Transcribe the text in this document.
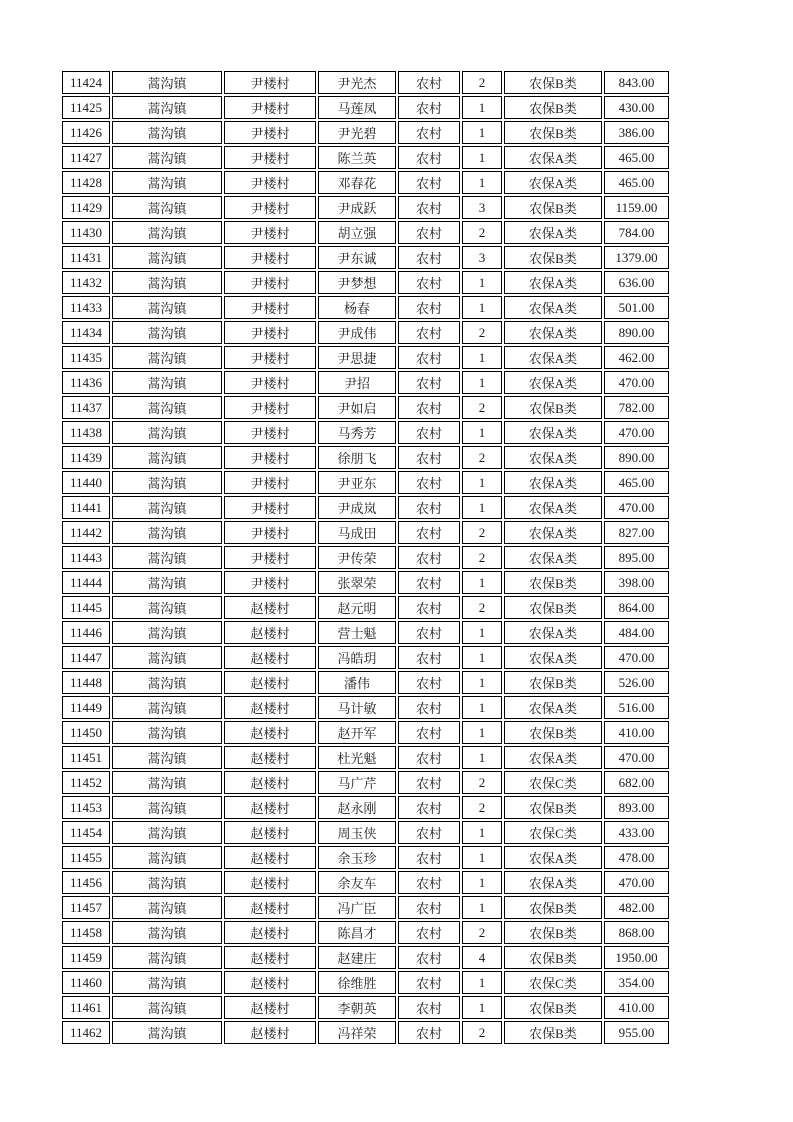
11424	蒿沟镇	尹楼村	尹光杰	农村	2	农保B类	843.00
11425	蒿沟镇	尹楼村	马莲凤	农村	1	农保B类	430.00
11426	蒿沟镇	尹楼村	尹光碧	农村	1	农保B类	386.00
11427	蒿沟镇	尹楼村	陈兰英	农村	1	农保A类	465.00
11428	蒿沟镇	尹楼村	邓春花	农村	1	农保A类	465.00
11429	蒿沟镇	尹楼村	尹成跃	农村	3	农保B类	1159.00
11430	蒿沟镇	尹楼村	胡立强	农村	2	农保A类	784.00
11431	蒿沟镇	尹楼村	尹东诚	农村	3	农保B类	1379.00
11432	蒿沟镇	尹楼村	尹梦想	农村	1	农保A类	636.00
11433	蒿沟镇	尹楼村	杨春	农村	1	农保A类	501.00
11434	蒿沟镇	尹楼村	尹成伟	农村	2	农保A类	890.00
11435	蒿沟镇	尹楼村	尹思捷	农村	1	农保A类	462.00
11436	蒿沟镇	尹楼村	尹招	农村	1	农保A类	470.00
11437	蒿沟镇	尹楼村	尹如启	农村	2	农保B类	782.00
11438	蒿沟镇	尹楼村	马秀芳	农村	1	农保A类	470.00
11439	蒿沟镇	尹楼村	徐朋飞	农村	2	农保A类	890.00
11440	蒿沟镇	尹楼村	尹亚东	农村	1	农保A类	465.00
11441	蒿沟镇	尹楼村	尹成岚	农村	1	农保A类	470.00
11442	蒿沟镇	尹楼村	马成田	农村	2	农保A类	827.00
11443	蒿沟镇	尹楼村	尹传荣	农村	2	农保A类	895.00
11444	蒿沟镇	尹楼村	张翠荣	农村	1	农保B类	398.00
11445	蒿沟镇	赵楼村	赵元明	农村	2	农保B类	864.00
11446	蒿沟镇	赵楼村	营士魁	农村	1	农保A类	484.00
11447	蒿沟镇	赵楼村	冯皓玥	农村	1	农保A类	470.00
11448	蒿沟镇	赵楼村	潘伟	农村	1	农保B类	526.00
11449	蒿沟镇	赵楼村	马计敏	农村	1	农保A类	516.00
11450	蒿沟镇	赵楼村	赵开军	农村	1	农保B类	410.00
11451	蒿沟镇	赵楼村	杜光魁	农村	1	农保A类	470.00
11452	蒿沟镇	赵楼村	马广芹	农村	2	农保C类	682.00
11453	蒿沟镇	赵楼村	赵永刚	农村	2	农保B类	893.00
11454	蒿沟镇	赵楼村	周玉侠	农村	1	农保C类	433.00
11455	蒿沟镇	赵楼村	余玉珍	农村	1	农保A类	478.00
11456	蒿沟镇	赵楼村	余友车	农村	1	农保A类	470.00
11457	蒿沟镇	赵楼村	冯广臣	农村	1	农保B类	482.00
11458	蒿沟镇	赵楼村	陈昌才	农村	2	农保B类	868.00
11459	蒿沟镇	赵楼村	赵建庄	农村	4	农保B类	1950.00
11460	蒿沟镇	赵楼村	徐维胜	农村	1	农保C类	354.00
11461	蒿沟镇	赵楼村	李朝英	农村	1	农保B类	410.00
11462	蒿沟镇	赵楼村	冯祥荣	农村	2	农保B类	955.00
